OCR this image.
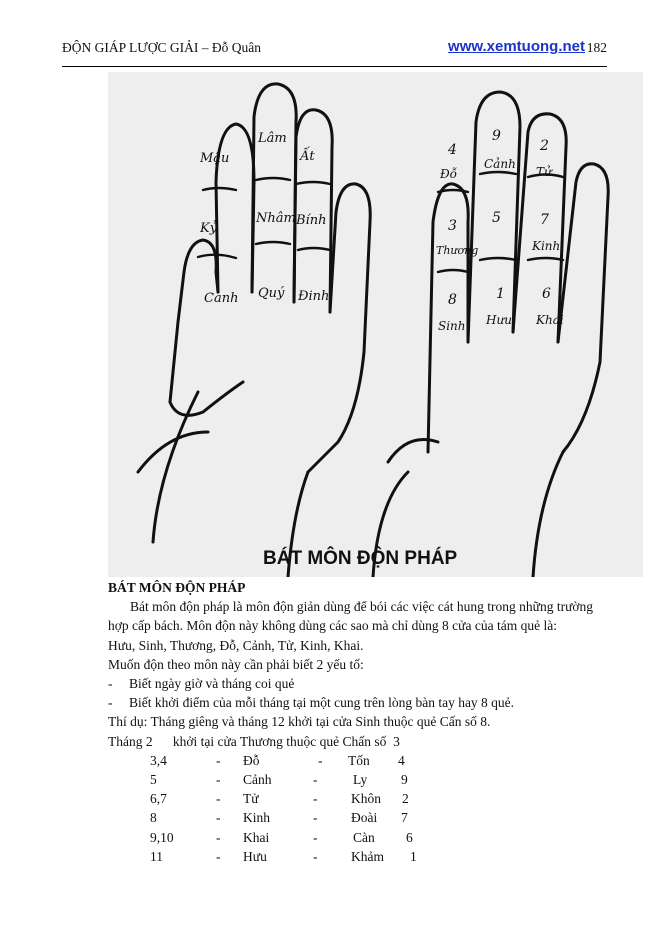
ĐỘN GIÁP LƯỢC GIẢI – Đỗ Quân	www.xemtuong.net 182
Mậu
Lâm
Ất
Kỷ
Nhâm Bính
Canh Quý Đinh
4
9
2
Đỗ
Cảnh
Tử
3	5	7
Thương	Kinh
8	1	6
Sinh Hưu Khai
BÁT MÔN ĐỘN PHÁP

BÁT MÔN ĐỘN PHÁP

Bát môn độn pháp là môn độn giản dùng để bói các việc cát hung trong những trường

hợp cấp bách. Môn độn này không dùng các sao mà chỉ dùng 8 cửa của tám quẻ là:

Hưu, Sinh, Thương, Đỗ, Cảnh, Tử, Kinh, Khai.

Muốn độn theo môn này cần phải biết 2 yếu tố:

- Biết ngày giờ và tháng coi quẻ

- Biết khởi điểm của mỗi tháng tại một cung trên lòng bàn tay hay 8 quẻ.

Thí dụ: Tháng giêng và tháng 12 khởi tại cửa Sinh thuộc quẻ Cấn số 8.

Tháng 2      khởi tại cửa Thương thuộc quẻ Chấn số  3

3,4	- Đỗ	- Tốn 4
5	- Cảnh	-	Ly 9
6,7	- Tử	- Khôn 2
8	- Kinh	- Đoài 7
9,10	- Khai	-	Càn 6
11	- Hưu	- Khảm 1
